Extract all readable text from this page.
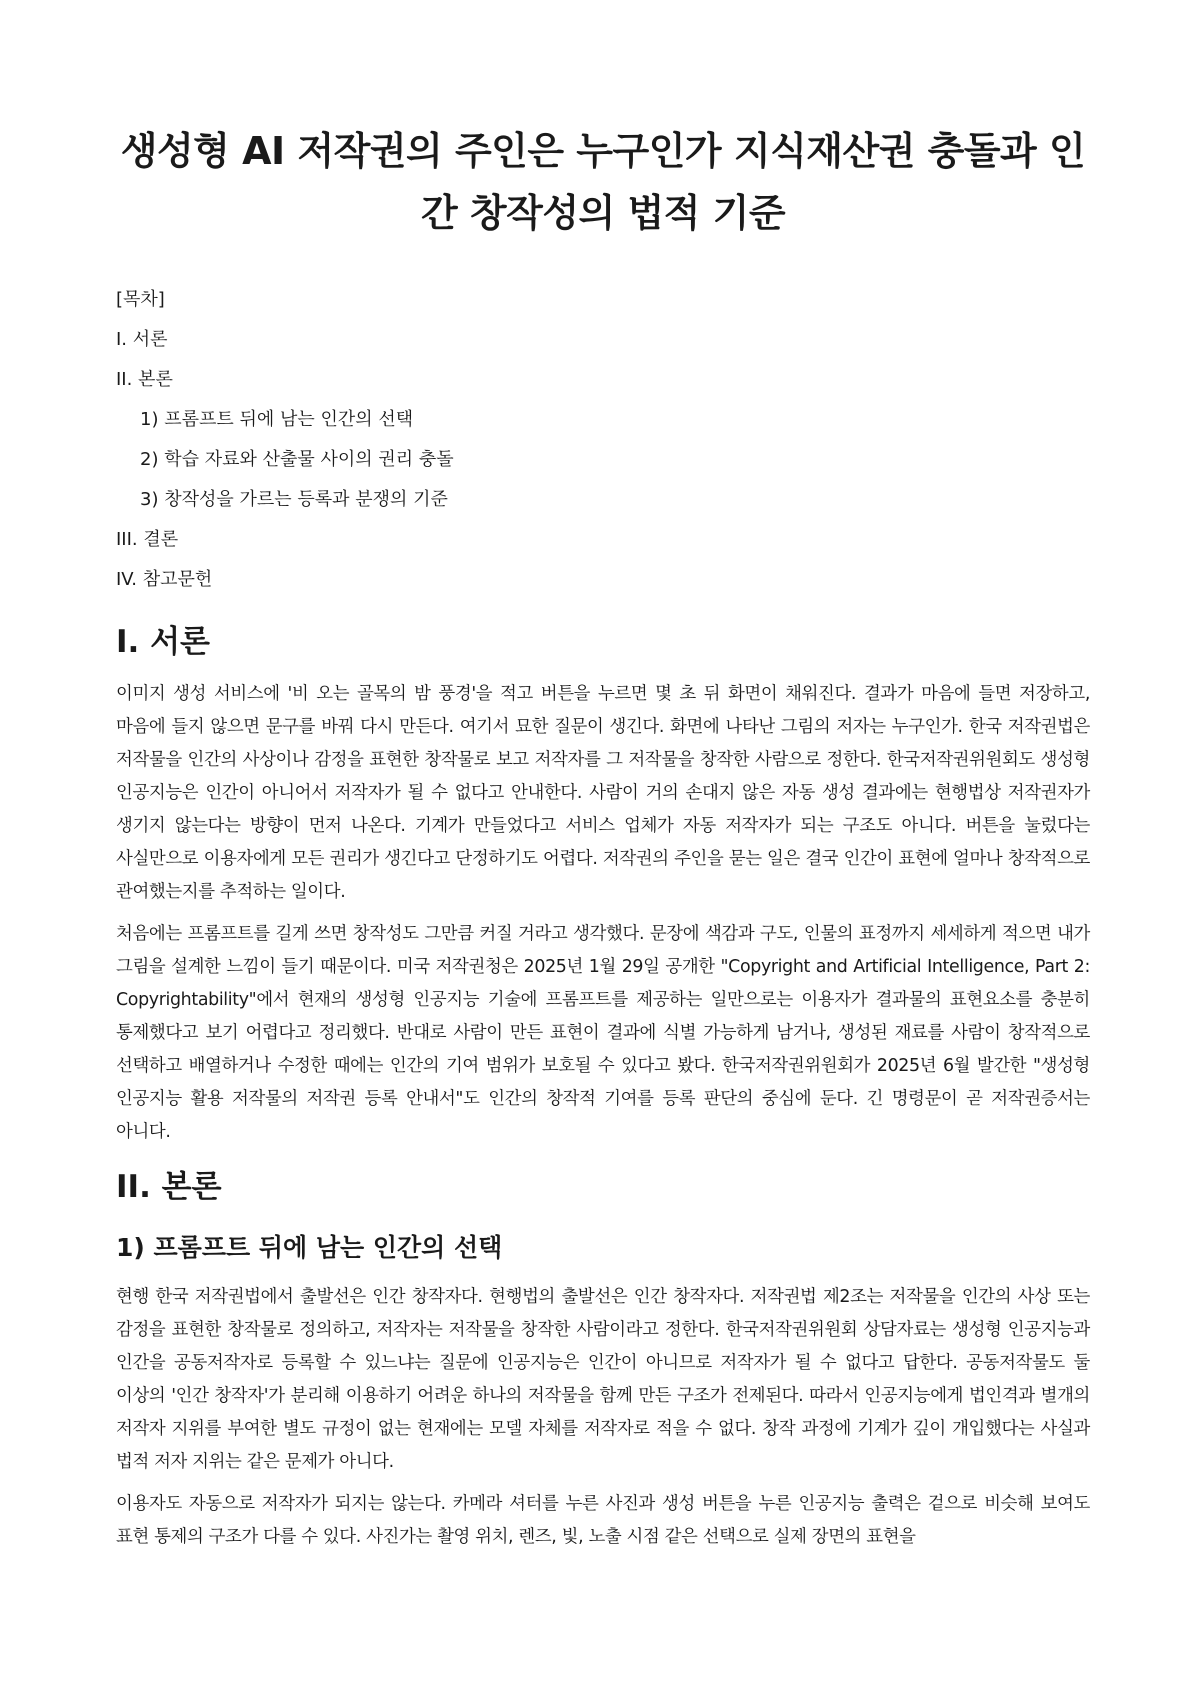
생성형 AI 저작권의 주인은 누구인가 지식재산권 충돌과 인간 창작성의 법적 기준
[목차]
I. 서론
II. 본론
1) 프롬프트 뒤에 남는 인간의 선택
2) 학습 자료와 산출물 사이의 권리 충돌
3) 창작성을 가르는 등록과 분쟁의 기준
III. 결론
IV. 참고문헌
I. 서론

이미지 생성 서비스에 '비 오는 골목의 밤 풍경'을 적고 버튼을 누르면 몇 초 뒤 화면이 채워진다. 결과가 마음에 들면 저장하고, 마음에 들지 않으면 문구를 바꿔 다시 만든다. 여기서 묘한 질문이 생긴다. 화면에 나타난 그림의 저자는 누구인가. 한국 저작권법은 저작물을 인간의 사상이나 감정을 표현한 창작물로 보고 저작자를 그 저작물을 창작한 사람으로 정한다. 한국저작권위원회도 생성형 인공지능은 인간이 아니어서 저작자가 될 수 없다고 안내한다. 사람이 거의 손대지 않은 자동 생성 결과에는 현행법상 저작권자가 생기지 않는다는 방향이 먼저 나온다. 기계가 만들었다고 서비스 업체가 자동 저작자가 되는 구조도 아니다. 버튼을 눌렀다는 사실만으로 이용자에게 모든 권리가 생긴다고 단정하기도 어렵다. 저작권의 주인을 묻는 일은 결국 인간이 표현에 얼마나 창작적으로 관여했는지를 추적하는 일이다.

처음에는 프롬프트를 길게 쓰면 창작성도 그만큼 커질 거라고 생각했다. 문장에 색감과 구도, 인물의 표정까지 세세하게 적으면 내가 그림을 설계한 느낌이 들기 때문이다. 미국 저작권청은 2025년 1월 29일 공개한 "Copyright and Artificial Intelligence, Part 2: Copyrightability"에서 현재의 생성형 인공지능 기술에 프롬프트를 제공하는 일만으로는 이용자가 결과물의 표현요소를 충분히 통제했다고 보기 어렵다고 정리했다. 반대로 사람이 만든 표현이 결과에 식별 가능하게 남거나, 생성된 재료를 사람이 창작적으로 선택하고 배열하거나 수정한 때에는 인간의 기여 범위가 보호될 수 있다고 봤다. 한국저작권위원회가 2025년 6월 발간한 "생성형 인공지능 활용 저작물의 저작권 등록 안내서"도 인간의 창작적 기여를 등록 판단의 중심에 둔다. 긴 명령문이 곧 저작권증서는 아니다.

II. 본론
1) 프롬프트 뒤에 남는 인간의 선택

현행 한국 저작권법에서 출발선은 인간 창작자다. 현행법의 출발선은 인간 창작자다. 저작권법 제2조는 저작물을 인간의 사상 또는 감정을 표현한 창작물로 정의하고, 저작자는 저작물을 창작한 사람이라고 정한다. 한국저작권위원회 상담자료는 생성형 인공지능과 인간을 공동저작자로 등록할 수 있느냐는 질문에 인공지능은 인간이 아니므로 저작자가 될 수 없다고 답한다. 공동저작물도 둘 이상의 '인간 창작자'가 분리해 이용하기 어려운 하나의 저작물을 함께 만든 구조가 전제된다. 따라서 인공지능에게 법인격과 별개의 저작자 지위를 부여한 별도 규정이 없는 현재에는 모델 자체를 저작자로 적을 수 없다. 창작 과정에 기계가 깊이 개입했다는 사실과 법적 저자 지위는 같은 문제가 아니다.

이용자도 자동으로 저작자가 되지는 않는다. 카메라 셔터를 누른 사진과 생성 버튼을 누른 인공지능 출력은 겉으로 비슷해 보여도 표현 통제의 구조가 다를 수 있다. 사진가는 촬영 위치, 렌즈, 빛, 노출 시점 같은 선택으로 실제 장면의 표현을
